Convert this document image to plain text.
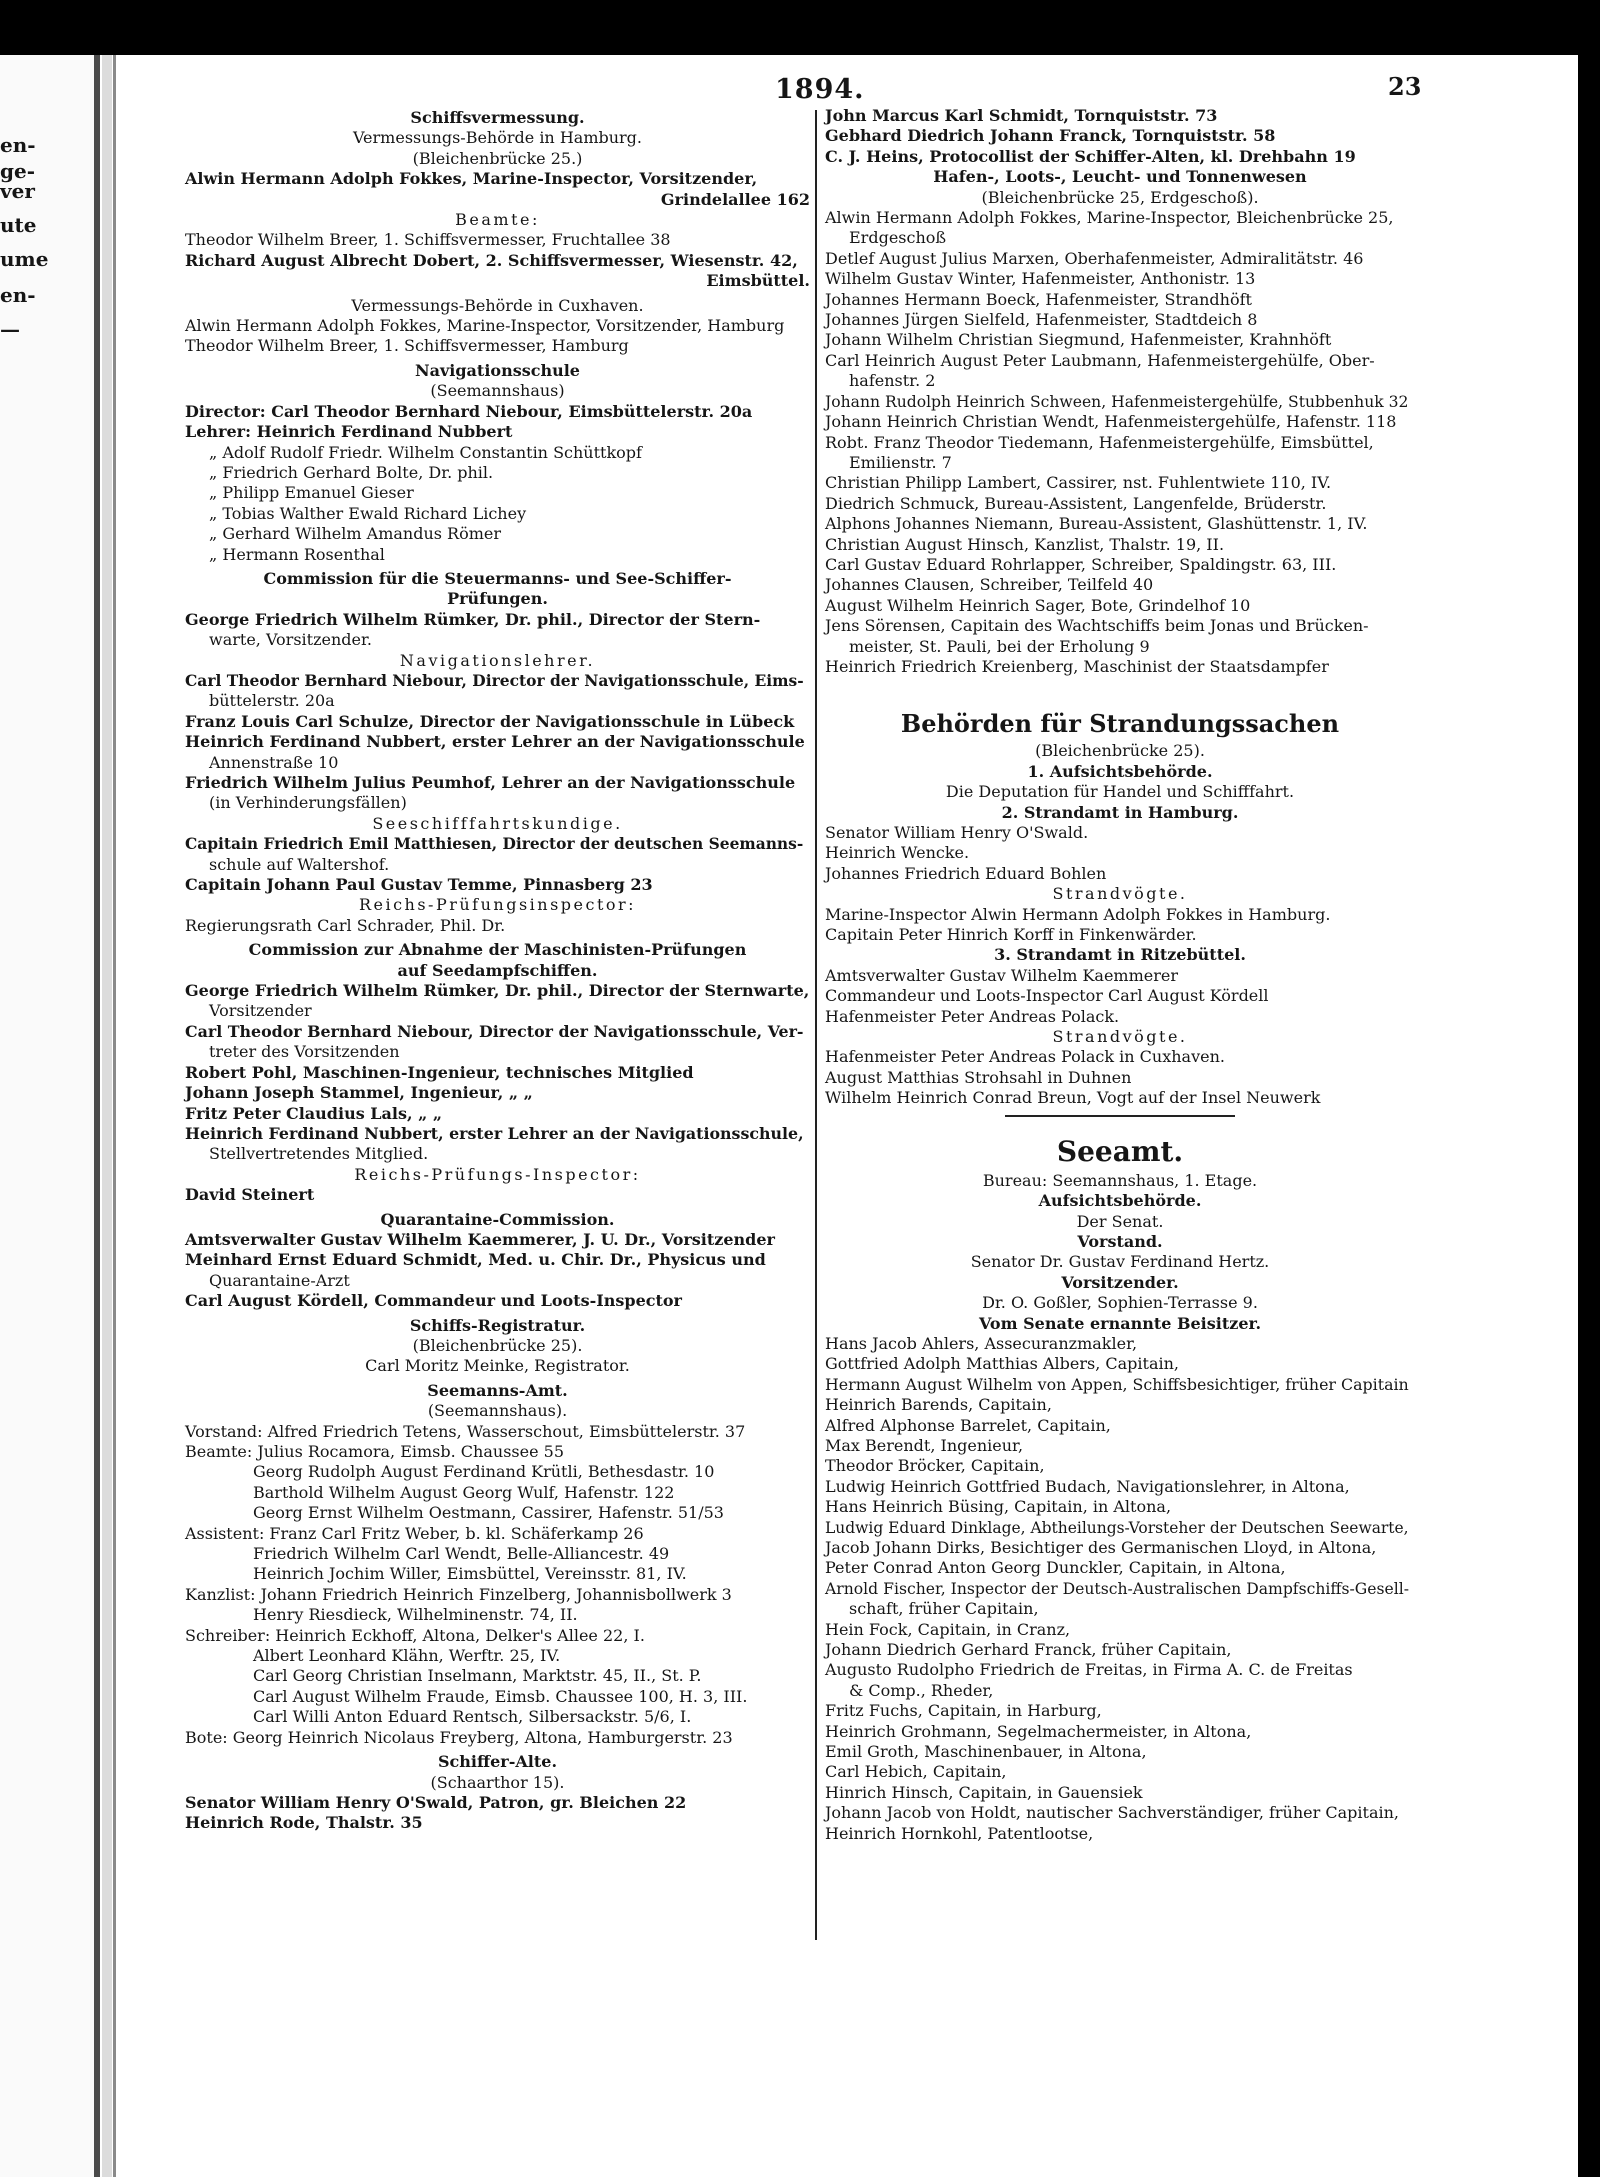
en-
ge-
ver
ute
ume
en-
—
1894.	23
Schiffsvermessung.
Vermessungs-Behörde in Hamburg.
(Bleichenbrücke 25.)
Alwin Hermann Adolph Fokkes, Marine-Inspector, Vorsitzender,
Grindelallee 162
Beamte:
Theodor Wilhelm Breer, 1. Schiffsvermesser, Fruchtallee 38
Richard August Albrecht Dobert, 2. Schiffsvermesser, Wiesenstr. 42,
Eimsbüttel.
Vermessungs-Behörde in Cuxhaven.
Alwin Hermann Adolph Fokkes, Marine-Inspector, Vorsitzender, Hamburg
Theodor Wilhelm Breer, 1. Schiffsvermesser, Hamburg
Navigationsschule
(Seemannshaus)
Director: Carl Theodor Bernhard Niebour, Eimsbüttelerstr. 20a
Lehrer: Heinrich Ferdinand Nubbert
„ Adolf Rudolf Friedr. Wilhelm Constantin Schüttkopf
„ Friedrich Gerhard Bolte, Dr. phil.
„ Philipp Emanuel Gieser
„ Tobias Walther Ewald Richard Lichey
„ Gerhard Wilhelm Amandus Römer
„ Hermann Rosenthal
Commission für die Steuermanns- und See-Schiffer-
Prüfungen.
George Friedrich Wilhelm Rümker, Dr. phil., Director der Stern-
warte, Vorsitzender.
Navigationslehrer.
Carl Theodor Bernhard Niebour, Director der Navigationsschule, Eims-
büttelerstr. 20a
Franz Louis Carl Schulze, Director der Navigationsschule in Lübeck
Heinrich Ferdinand Nubbert, erster Lehrer an der Navigationsschule
Annenstraße 10
Friedrich Wilhelm Julius Peumhof, Lehrer an der Navigationsschule
(in Verhinderungsfällen)
Seeschifffahrtskundige.
Capitain Friedrich Emil Matthiesen, Director der deutschen Seemanns-
schule auf Waltershof.
Capitain Johann Paul Gustav Temme, Pinnasberg 23
Reichs-Prüfungsinspector:
Regierungsrath Carl Schrader, Phil. Dr.
Commission zur Abnahme der Maschinisten-Prüfungen
auf Seedampfschiffen.
George Friedrich Wilhelm Rümker, Dr. phil., Director der Sternwarte,
Vorsitzender
Carl Theodor Bernhard Niebour, Director der Navigationsschule, Ver-
treter des Vorsitzenden
Robert Pohl, Maschinen-Ingenieur, technisches Mitglied
Johann Joseph Stammel, Ingenieur, „ „
Fritz Peter Claudius Lals, „ „
Heinrich Ferdinand Nubbert, erster Lehrer an der Navigationsschule,
Stellvertretendes Mitglied.
Reichs-Prüfungs-Inspector:
David Steinert
Quarantaine-Commission.
Amtsverwalter Gustav Wilhelm Kaemmerer, J. U. Dr., Vorsitzender
Meinhard Ernst Eduard Schmidt, Med. u. Chir. Dr., Physicus und
Quarantaine-Arzt
Carl August Kördell, Commandeur und Loots-Inspector
Schiffs-Registratur.
(Bleichenbrücke 25).
Carl Moritz Meinke, Registrator.
Seemanns-Amt.
(Seemannshaus).
Vorstand: Alfred Friedrich Tetens, Wasserschout, Eimsbüttelerstr. 37
Beamte: Julius Rocamora, Eimsb. Chaussee 55
Georg Rudolph August Ferdinand Krütli, Bethesdastr. 10
Barthold Wilhelm August Georg Wulf, Hafenstr. 122
Georg Ernst Wilhelm Oestmann, Cassirer, Hafenstr. 51/53
Assistent: Franz Carl Fritz Weber, b. kl. Schäferkamp 26
Friedrich Wilhelm Carl Wendt, Belle-Alliancestr. 49
Heinrich Jochim Willer, Eimsbüttel, Vereinsstr. 81, IV.
Kanzlist: Johann Friedrich Heinrich Finzelberg, Johannisbollwerk 3
Henry Riesdieck, Wilhelminenstr. 74, II.
Schreiber: Heinrich Eckhoff, Altona, Delker's Allee 22, I.
Albert Leonhard Klähn, Werftr. 25, IV.
Carl Georg Christian Inselmann, Marktstr. 45, II., St. P.
Carl August Wilhelm Fraude, Eimsb. Chaussee 100, H. 3, III.
Carl Willi Anton Eduard Rentsch, Silbersackstr. 5/6, I.
Bote: Georg Heinrich Nicolaus Freyberg, Altona, Hamburgerstr. 23
Schiffer-Alte.
(Schaarthor 15).
Senator William Henry O'Swald, Patron, gr. Bleichen 22
Heinrich Rode, Thalstr. 35
John Marcus Karl Schmidt, Tornquiststr. 73
Gebhard Diedrich Johann Franck, Tornquiststr. 58
C. J. Heins, Protocollist der Schiffer-Alten, kl. Drehbahn 19
Hafen-, Loots-, Leucht- und Tonnenwesen
(Bleichenbrücke 25, Erdgeschoß).
Alwin Hermann Adolph Fokkes, Marine-Inspector, Bleichenbrücke 25,
Erdgeschoß
Detlef August Julius Marxen, Oberhafenmeister, Admiralitätstr. 46
Wilhelm Gustav Winter, Hafenmeister, Anthonistr. 13
Johannes Hermann Boeck, Hafenmeister, Strandhöft
Johannes Jürgen Sielfeld, Hafenmeister, Stadtdeich 8
Johann Wilhelm Christian Siegmund, Hafenmeister, Krahnhöft
Carl Heinrich August Peter Laubmann, Hafenmeistergehülfe, Ober-
hafenstr. 2
Johann Rudolph Heinrich Schween, Hafenmeistergehülfe, Stubbenhuk 32
Johann Heinrich Christian Wendt, Hafenmeistergehülfe, Hafenstr. 118
Robt. Franz Theodor Tiedemann, Hafenmeistergehülfe, Eimsbüttel,
Emilienstr. 7
Christian Philipp Lambert, Cassirer, nst. Fuhlentwiete 110, IV.
Diedrich Schmuck, Bureau-Assistent, Langenfelde, Brüderstr.
Alphons Johannes Niemann, Bureau-Assistent, Glashüttenstr. 1, IV.
Christian August Hinsch, Kanzlist, Thalstr. 19, II.
Carl Gustav Eduard Rohrlapper, Schreiber, Spaldingstr. 63, III.
Johannes Clausen, Schreiber, Teilfeld 40
August Wilhelm Heinrich Sager, Bote, Grindelhof 10
Jens Sörensen, Capitain des Wachtschiffs beim Jonas und Brücken-
meister, St. Pauli, bei der Erholung 9
Heinrich Friedrich Kreienberg, Maschinist der Staatsdampfer
Behörden für Strandungssachen
(Bleichenbrücke 25).
1. Aufsichtsbehörde.
Die Deputation für Handel und Schifffahrt.
2. Strandamt in Hamburg.
Senator William Henry O'Swald.
Heinrich Wencke.
Johannes Friedrich Eduard Bohlen
Strandvögte.
Marine-Inspector Alwin Hermann Adolph Fokkes in Hamburg.
Capitain Peter Hinrich Korff in Finkenwärder.
3. Strandamt in Ritzebüttel.
Amtsverwalter Gustav Wilhelm Kaemmerer
Commandeur und Loots-Inspector Carl August Kördell
Hafenmeister Peter Andreas Polack.
Strandvögte.
Hafenmeister Peter Andreas Polack in Cuxhaven.
August Matthias Strohsahl in Duhnen
Wilhelm Heinrich Conrad Breun, Vogt auf der Insel Neuwerk
Seeamt.
Bureau: Seemannshaus, 1. Etage.
Aufsichtsbehörde.
Der Senat.
Vorstand.
Senator Dr. Gustav Ferdinand Hertz.
Vorsitzender.
Dr. O. Goßler, Sophien-Terrasse 9.
Vom Senate ernannte Beisitzer.
Hans Jacob Ahlers, Assecuranzmakler,
Gottfried Adolph Matthias Albers, Capitain,
Hermann August Wilhelm von Appen, Schiffsbesichtiger, früher Capitain
Heinrich Barends, Capitain,
Alfred Alphonse Barrelet, Capitain,
Max Berendt, Ingenieur,
Theodor Bröcker, Capitain,
Ludwig Heinrich Gottfried Budach, Navigationslehrer, in Altona,
Hans Heinrich Büsing, Capitain, in Altona,
Ludwig Eduard Dinklage, Abtheilungs-Vorsteher der Deutschen Seewarte,
Jacob Johann Dirks, Besichtiger des Germanischen Lloyd, in Altona,
Peter Conrad Anton Georg Dunckler, Capitain, in Altona,
Arnold Fischer, Inspector der Deutsch-Australischen Dampfschiffs-Gesell-
schaft, früher Capitain,
Hein Fock, Capitain, in Cranz,
Johann Diedrich Gerhard Franck, früher Capitain,
Augusto Rudolpho Friedrich de Freitas, in Firma A. C. de Freitas
& Comp., Rheder,
Fritz Fuchs, Capitain, in Harburg,
Heinrich Grohmann, Segelmachermeister, in Altona,
Emil Groth, Maschinenbauer, in Altona,
Carl Hebich, Capitain,
Hinrich Hinsch, Capitain, in Gauensiek
Johann Jacob von Holdt, nautischer Sachverständiger, früher Capitain,
Heinrich Hornkohl, Patentlootse,
